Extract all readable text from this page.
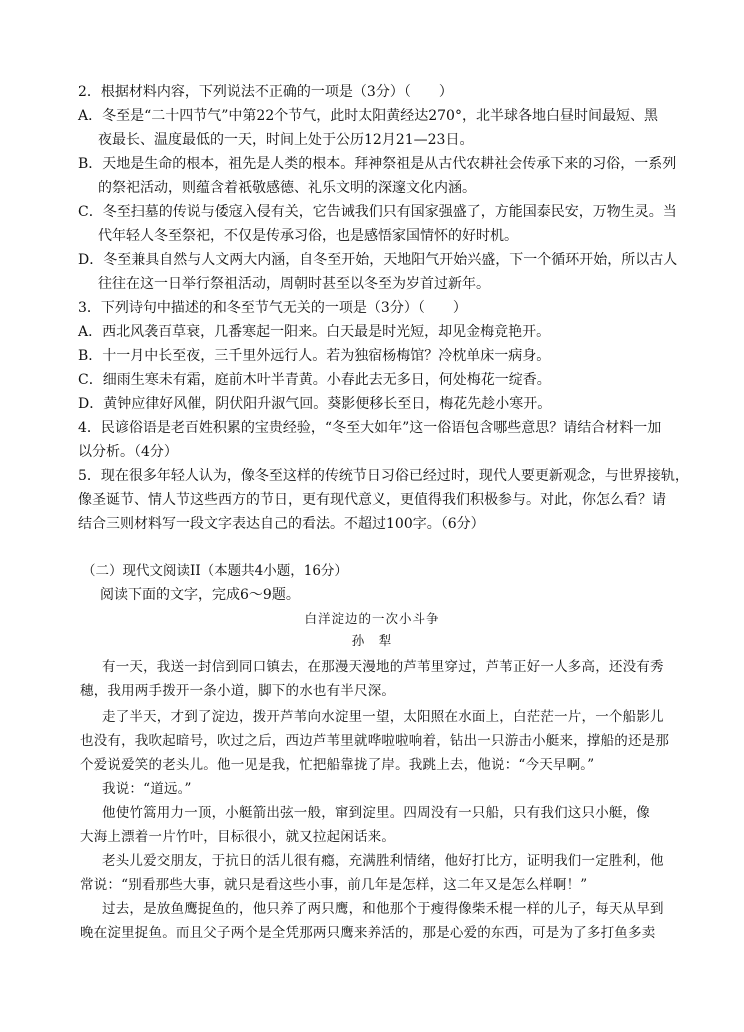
2．根据材料内容，下列说法不正确的一项是（3分）（　　）
A．冬至是“二十四节气”中第22个节气，此时太阳黄经达270°，北半球各地白昼时间最短、黑
夜最长、温度最低的一天，时间上处于公历12月21—23日。
B．天地是生命的根本，祖先是人类的根本。拜神祭祖是从古代农耕社会传承下来的习俗，一系列
的祭祀活动，则蕴含着祇敬感德、礼乐文明的深邃文化内涵。
C．冬至扫墓的传说与倭寇入侵有关，它告诫我们只有国家强盛了，方能国泰民安，万物生灵。当
代年轻人冬至祭祀，不仅是传承习俗，也是感悟家国情怀的好时机。
D．冬至兼具自然与人文两大内涵，自冬至开始，天地阳气开始兴盛，下一个循环开始，所以古人
往往在这一日举行祭祖活动，周朝时甚至以冬至为岁首过新年。
3．下列诗句中描述的和冬至节气无关的一项是（3分）（　　）
A．西北风袭百草衰，几番寒起一阳来。白天最是时光短，却见金梅竞艳开。
B．十一月中长至夜，三千里外远行人。若为独宿杨梅馆？冷枕单床一病身。
C．细雨生寒未有霜，庭前木叶半青黄。小春此去无多日，何处梅花一绽香。
D．黄钟应律好风催，阴伏阳升淑气回。葵影便移长至日，梅花先趁小寒开。
4．民谚俗语是老百姓积累的宝贵经验，“冬至大如年”这一俗语包含哪些意思？请结合材料一加
以分析。（4分）
5．现在很多年轻人认为，像冬至这样的传统节日习俗已经过时，现代人要更新观念，与世界接轨，
像圣诞节、情人节这些西方的节日，更有现代意义，更值得我们积极参与。对此，你怎么看？请
结合三则材料写一段文字表达自己的看法。不超过100字。（6分）
（二）现代文阅读II（本题共4小题，16分）
阅读下面的文字，完成6～9题。
白洋淀边的一次小斗争
孙　犁
有一天，我送一封信到同口镇去，在那漫天漫地的芦苇里穿过，芦苇正好一人多高，还没有秀
穗，我用两手拨开一条小道，脚下的水也有半尺深。
走了半天，才到了淀边，拨开芦苇向水淀里一望，太阳照在水面上，白茫茫一片，一个船影儿
也没有，我吹起暗号，吹过之后，西边芦苇里就哗啦啦响着，钻出一只游击小艇来，撑船的还是那
个爱说爱笑的老头儿。他一见是我，忙把船靠拢了岸。我跳上去，他说：“今天早啊。”
我说：“道远。”
他使竹篙用力一顶，小艇箭出弦一般，窜到淀里。四周没有一只船，只有我们这只小艇，像
大海上漂着一片竹叶，目标很小，就又拉起闲话来。
老头儿爱交朋友，于抗日的活儿很有瘾，充满胜利情绪，他好打比方，证明我们一定胜利，他
常说：“别看那些大事，就只是看这些小事，前几年是怎样，这二年又是怎么样啊！”
过去，是放鱼鹰捉鱼的，他只养了两只鹰，和他那个于瘦得像柴禾棍一样的儿子，每天从早到
晚在淀里捉鱼。而且父子两个是全凭那两只鹰来养活的，那是心爱的东西，可是为了多打鱼多卖
